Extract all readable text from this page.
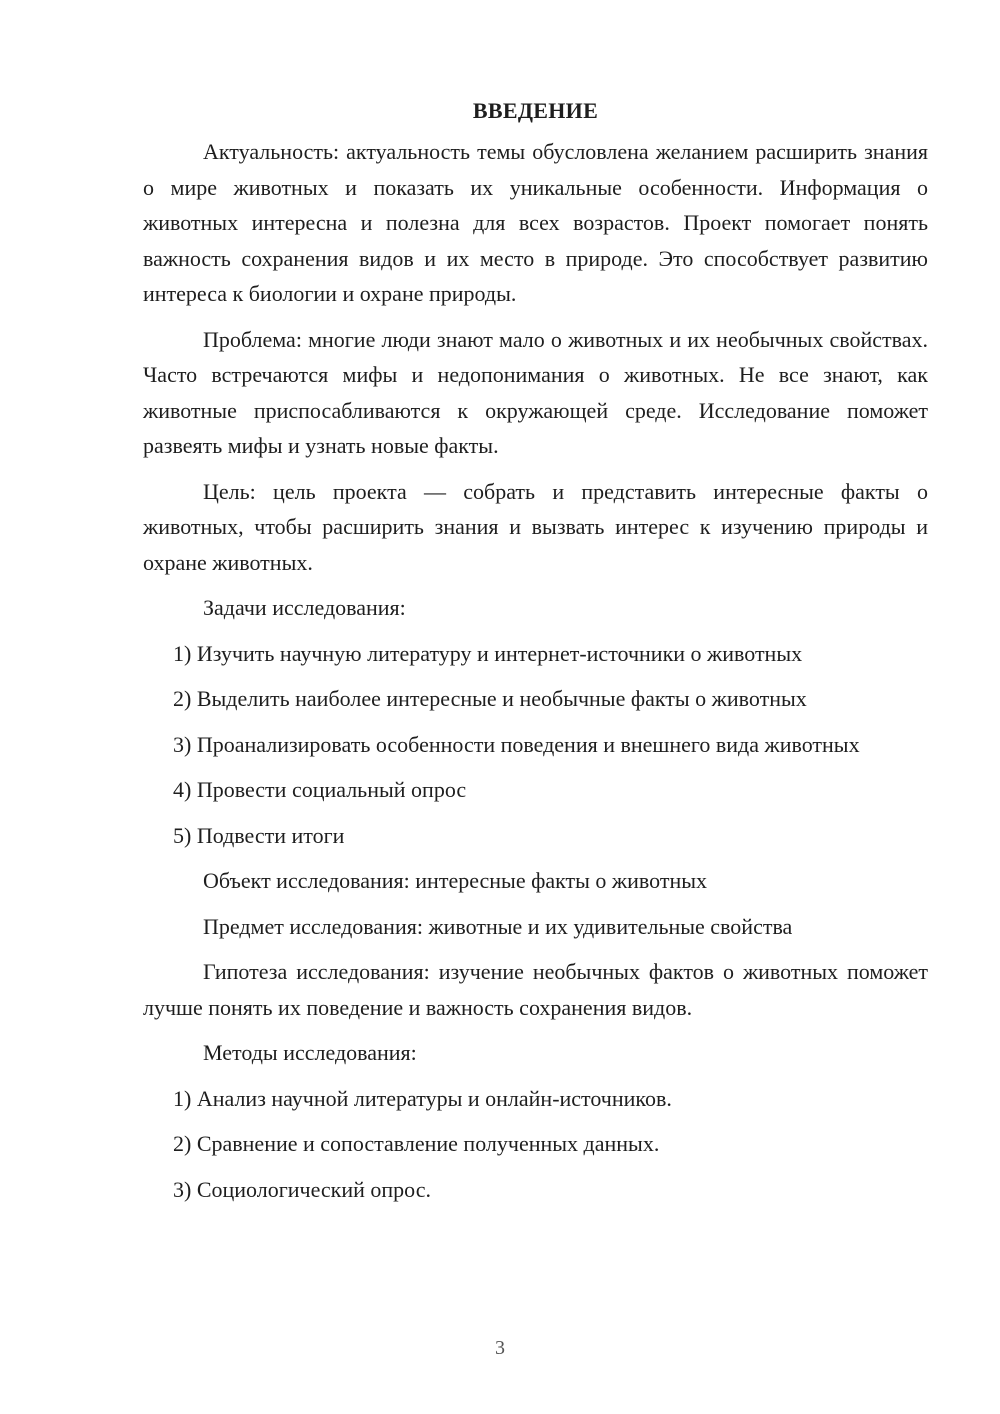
ВВЕДЕНИЕ

Актуальность: актуальность темы обусловлена желанием расширить знания о мире животных и показать их уникальные особенности. Информация о животных интересна и полезна для всех возрастов. Проект помогает понять важность сохранения видов и их место в природе. Это способствует развитию интереса к биологии и охране природы.

Проблема: многие люди знают мало о животных и их необычных свойствах. Часто встречаются мифы и недопонимания о животных. Не все знают, как животные приспосабливаются к окружающей среде. Исследование поможет развеять мифы и узнать новые факты.

Цель: цель проекта — собрать и представить интересные факты о животных, чтобы расширить знания и вызвать интерес к изучению природы и охране животных.

Задачи исследования:

1) Изучить научную литературу и интернет-источники о животных

2) Выделить наиболее интересные и необычные факты о животных

3) Проанализировать особенности поведения и внешнего вида животных

4) Провести социальный опрос

5) Подвести итоги

Объект исследования: интересные факты о животных

Предмет исследования: животные и их удивительные свойства

Гипотеза исследования: изучение необычных фактов о животных поможет лучше понять их поведение и важность сохранения видов.

Методы исследования:

1) Анализ научной литературы и онлайн-источников.

2) Сравнение и сопоставление полученных данных.

3) Социологический опрос.

3
